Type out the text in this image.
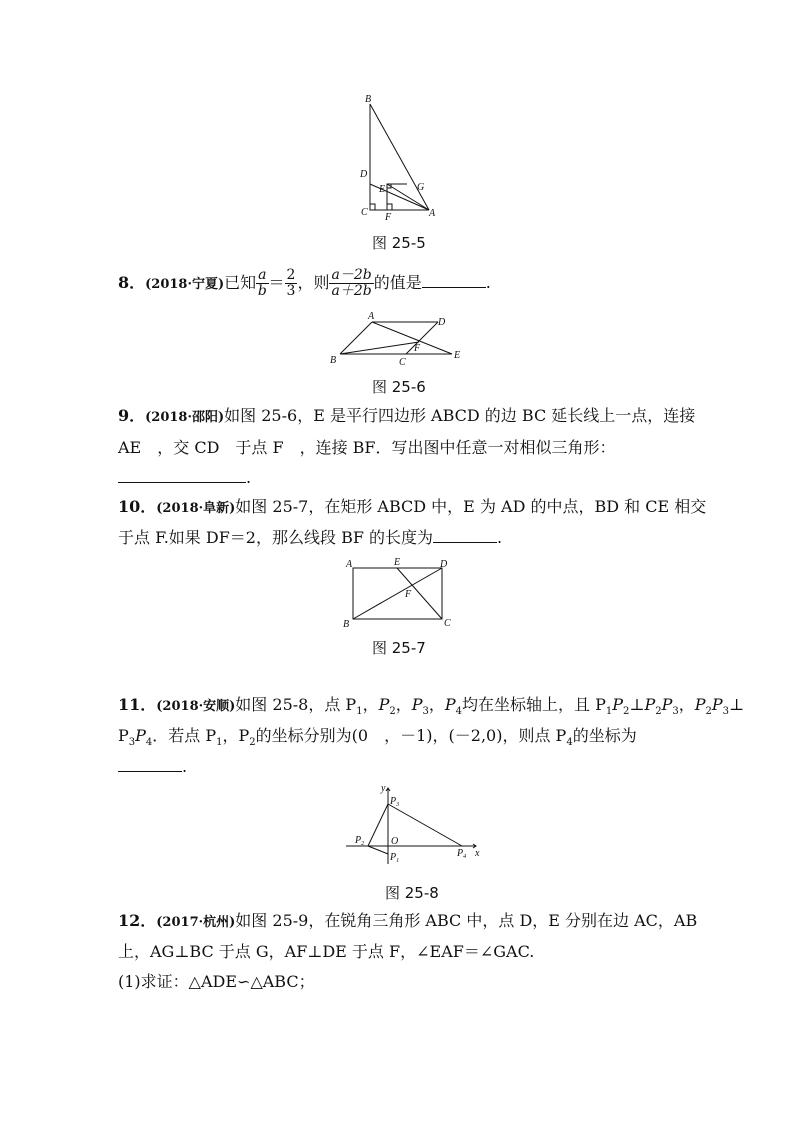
B
D
E	G
C F	A
图 25-5
8．(2018·宁夏)已知 $\frac{a}{b} = \frac{2}{3}$ ，则 $\frac{a-2b}{a+2b}$ 的值是	.
A
D
F
B	C
E
图 25-6
9．(2018·邵阳)如图 25-6，E 是平行四边形 ABCD 的边 BC 延长线上一点，连接
AE　，交 CD　于点 F　，连接 BF．写出图中任意一对相似三角形：
.
10．(2018·阜新)如图 25-7，在矩形 ABCD 中，E 为 AD 的中点，BD 和 CE 相交
于点 F.如果 DF＝2，那么线段 BF 的长度为	.
A	E	D
F
B	C
图 25-7
11．(2018·安顺)如图 25-8，点 $P_1$，$P_2$，$P_3$，$P_4$均在坐标轴上，且 $P_1P_2\perp P_2P_3$，$P_2P_3\perp$
$P_3P_4$．若点 $P_1$，$P_2$的坐标分别为(0　，－1)，(－2,0)，则点 $P_4$的坐标为
.
y
$P_3$
O
$P_2$
$P_1$
$P_4$ x
图 25-8
12．(2017·杭州)如图 25-9，在锐角三角形 ABC 中，点 D，E 分别在边 AC，AB
上，AG⊥BC 于点 G，AF⊥DE 于点 F，∠EAF＝∠GAC.
(1)求证：△ADE∽△ABC；
